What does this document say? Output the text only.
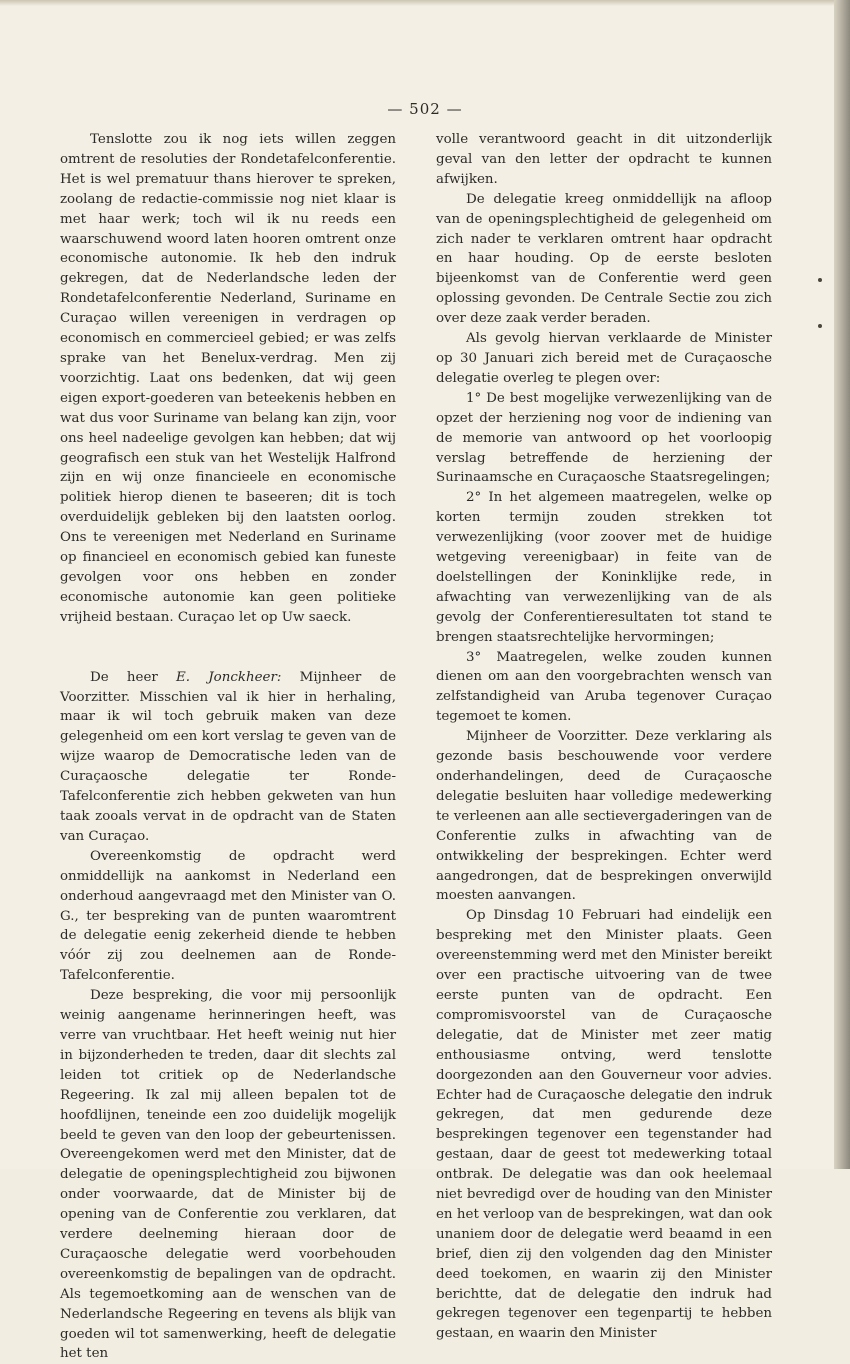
— 502 —

Tenslotte zou ik nog iets willen zeggen omtrent de resoluties der Rondetafelconferentie. Het is wel prematuur thans hierover te spreken, zoolang de redactie-commissie nog niet klaar is met haar werk; toch wil ik nu reeds een waarschuwend woord laten hooren omtrent onze economische autonomie. Ik heb den indruk gekregen, dat de Nederlandsche leden der Rondetafelconferentie Nederland, Suriname en Curaçao willen vereenigen in verdragen op economisch en commercieel gebied; er was zelfs sprake van het Benelux-verdrag. Men zij voorzichtig. Laat ons bedenken, dat wij geen eigen export-goederen van beteekenis hebben en wat dus voor Suriname van belang kan zijn, voor ons heel nadeelige gevolgen kan hebben; dat wij geografisch een stuk van het Westelijk Halfrond zijn en wij onze financieele en economische politiek hierop dienen te baseeren; dit is toch overduidelijk gebleken bij den laatsten oorlog. Ons te vereenigen met Nederland en Suriname op financieel en economisch gebied kan funeste gevolgen voor ons hebben en zonder economische autonomie kan geen politieke vrijheid bestaan. Curaçao let op Uw saeck.

De heer E. Jonckheer: Mijnheer de Voorzitter. Misschien val ik hier in herhaling, maar ik wil toch gebruik maken van deze gelegenheid om een kort verslag te geven van de wijze waarop de Democratische leden van de Curaçaosche delegatie ter Ronde-Tafelconferentie zich hebben gekweten van hun taak zooals vervat in de opdracht van de Staten van Curaçao.

Overeenkomstig de opdracht werd onmiddellijk na aankomst in Nederland een onderhoud aangevraagd met den Minister van O. G., ter bespreking van de punten waaromtrent de delegatie eenig zekerheid diende te hebben vóór zij zou deelnemen aan de Ronde-Tafelconferentie.

Deze bespreking, die voor mij persoonlijk weinig aangename herinneringen heeft, was verre van vruchtbaar. Het heeft weinig nut hier in bijzonderheden te treden, daar dit slechts zal leiden tot critiek op de Nederlandsche Regeering. Ik zal mij alleen bepalen tot de hoofdlijnen, teneinde een zoo duidelijk mogelijk beeld te geven van den loop der gebeurtenissen. Overeengekomen werd met den Minister, dat de delegatie de openingsplechtigheid zou bijwonen onder voorwaarde, dat de Minister bij de opening van de Conferentie zou verklaren, dat verdere deelneming hieraan door de Curaçaosche delegatie werd voorbehouden overeenkomstig de bepalingen van de opdracht. Als tegemoetkoming aan de wenschen van de Nederlandsche Regeering en tevens als blijk van goeden wil tot samenwerking, heeft de delegatie het ten

volle verantwoord geacht in dit uitzonderlijk geval van den letter der opdracht te kunnen afwijken.

De delegatie kreeg onmiddellijk na afloop van de openingsplechtigheid de gelegenheid om zich nader te verklaren omtrent haar opdracht en haar houding. Op de eerste besloten bijeenkomst van de Conferentie werd geen oplossing gevonden. De Centrale Sectie zou zich over deze zaak verder beraden.

Als gevolg hiervan verklaarde de Minister op 30 Januari zich bereid met de Curaçaosche delegatie overleg te plegen over:

1° De best mogelijke verwezenlijking van de opzet der herziening nog voor de indiening van de memorie van antwoord op het voorloopig verslag betreffende de herziening der Surinaamsche en Curaçaosche Staatsregelingen;

2° In het algemeen maatregelen, welke op korten termijn zouden strekken tot verwezenlijking (voor zoover met de huidige wetgeving vereenigbaar) in feite van de doelstellingen der Koninklijke rede, in afwachting van verwezenlijking van de als gevolg der Conferentieresultaten tot stand te brengen staatsrechtelijke hervormingen;

3° Maatregelen, welke zouden kunnen dienen om aan den voorgebrachten wensch van zelfstandigheid van Aruba tegenover Curaçao tegemoet te komen.

Mijnheer de Voorzitter. Deze verklaring als gezonde basis beschouwende voor verdere onderhandelingen, deed de Curaçaosche delegatie besluiten haar volledige medewerking te verleenen aan alle sectievergaderingen van de Conferentie zulks in afwachting van de ontwikkeling der besprekingen. Echter werd aangedrongen, dat de besprekingen onverwijld moesten aanvangen.

Op Dinsdag 10 Februari had eindelijk een bespreking met den Minister plaats. Geen overeenstemming werd met den Minister bereikt over een practische uitvoering van de twee eerste punten van de opdracht. Een compromisvoorstel van de Curaçaosche delegatie, dat de Minister met zeer matig enthousiasme ontving, werd tenslotte doorgezonden aan den Gouverneur voor advies. Echter had de Curaçaosche delegatie den indruk gekregen, dat men gedurende deze besprekingen tegenover een tegenstander had gestaan, daar de geest tot medewerking totaal ontbrak. De delegatie was dan ook heelemaal niet bevredigd over de houding van den Minister en het verloop van de besprekingen, wat dan ook unaniem door de delegatie werd beaamd in een brief, dien zij den volgenden dag den Minister deed toekomen, en waarin zij den Minister berichtte, dat de delegatie den indruk had gekregen tegenover een tegenpartij te hebben gestaan, en waarin den Minister
